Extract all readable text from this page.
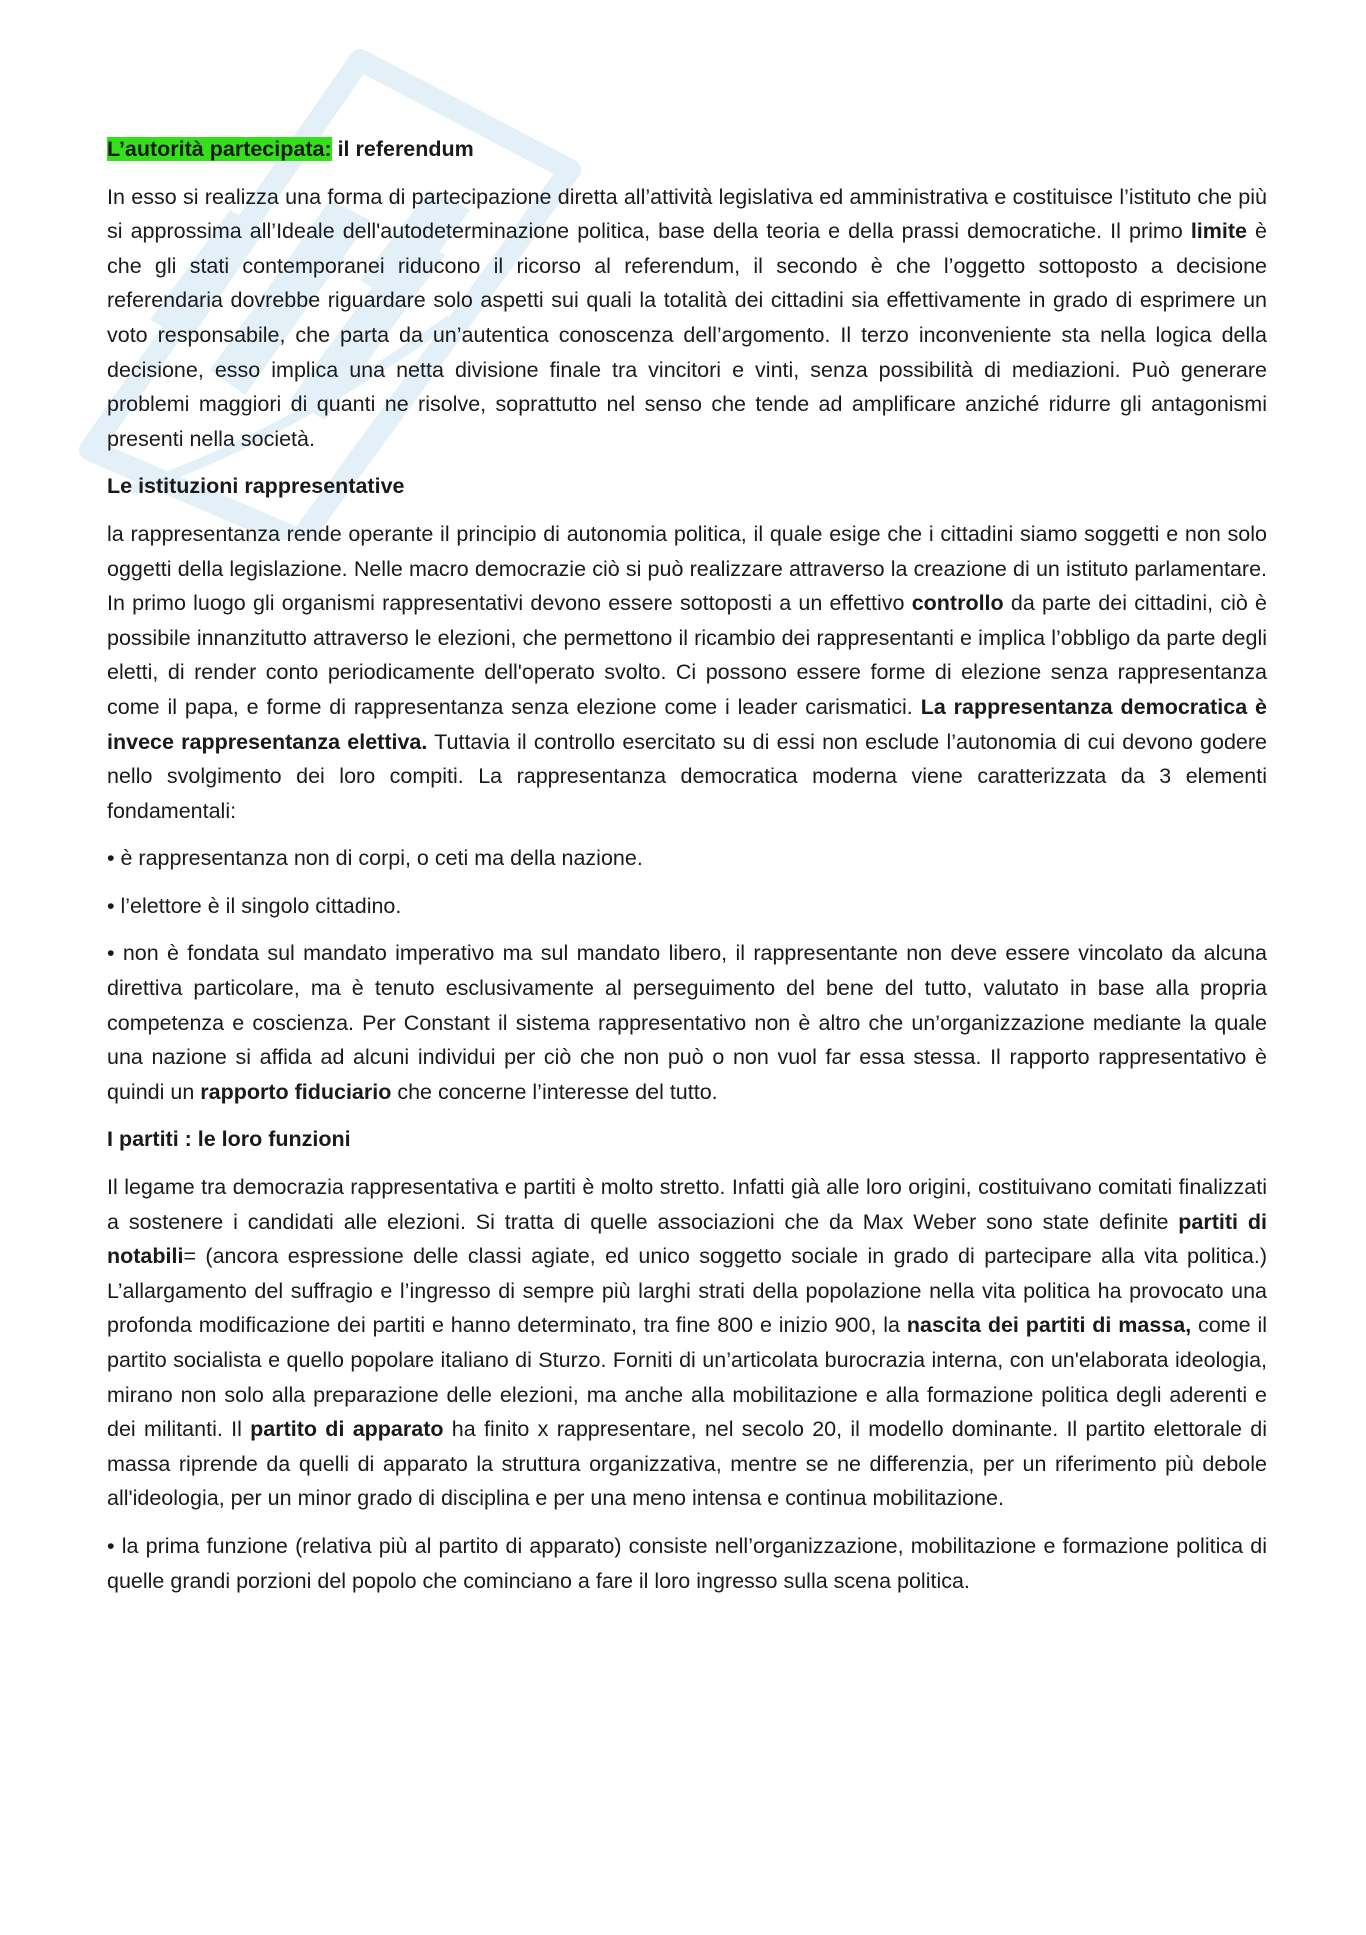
L’autorità partecipata: il referendum

In esso si realizza una forma di partecipazione diretta all’attività legislativa ed amministrativa e costituisce l’istituto che più si approssima all’Ideale dell'autodeterminazione politica, base della teoria e della prassi democratiche. Il primo limite è che gli stati contemporanei riducono il ricorso al referendum, il secondo è che l’oggetto sottoposto a decisione referendaria dovrebbe riguardare solo aspetti sui quali la totalità dei cittadini sia effettivamente in grado di esprimere un voto responsabile, che parta da un’autentica conoscenza dell’argomento. Il terzo inconveniente sta nella logica della decisione, esso implica una netta divisione finale tra vincitori e vinti, senza possibilità di mediazioni. Può generare problemi maggiori di quanti ne risolve, soprattutto nel senso che tende ad amplificare anziché ridurre gli antagonismi presenti nella società.

Le istituzioni rappresentative

la rappresentanza rende operante il principio di autonomia politica, il quale esige che i cittadini siamo soggetti e non solo oggetti della legislazione. Nelle macro democrazie ciò si può realizzare attraverso la creazione di un istituto parlamentare. In primo luogo gli organismi rappresentativi devono essere sottoposti a un effettivo controllo da parte dei cittadini, ciò è possibile innanzitutto attraverso le elezioni, che permettono il ricambio dei rappresentanti e implica l’obbligo da parte degli eletti, di render conto periodicamente dell'operato svolto. Ci possono essere forme di elezione senza rappresentanza come il papa, e forme di rappresentanza senza elezione come i leader carismatici. La rappresentanza democratica è invece rappresentanza elettiva. Tuttavia il controllo esercitato su di essi non esclude l’autonomia di cui devono godere nello svolgimento dei loro compiti. La rappresentanza democratica moderna viene caratterizzata da 3 elementi fondamentali:

• è rappresentanza non di corpi, o ceti ma della nazione.

• l’elettore è il singolo cittadino.

• non è fondata sul mandato imperativo ma sul mandato libero, il rappresentante non deve essere vincolato da alcuna direttiva particolare, ma è tenuto esclusivamente al perseguimento del bene del tutto, valutato in base alla propria competenza e coscienza. Per Constant il sistema rappresentativo non è altro che un’organizzazione mediante la quale una nazione si affida ad alcuni individui per ciò che non può o non vuol far essa stessa. Il rapporto rappresentativo è quindi un rapporto fiduciario che concerne l’interesse del tutto.

I partiti : le loro funzioni

Il legame tra democrazia rappresentativa e partiti è molto stretto. Infatti già alle loro origini, costituivano comitati finalizzati a sostenere i candidati alle elezioni. Si tratta di quelle associazioni che da Max Weber sono state definite partiti di notabili= (ancora espressione delle classi agiate, ed unico soggetto sociale in grado di partecipare alla vita politica.) L’allargamento del suffragio e l’ingresso di sempre più larghi strati della popolazione nella vita politica ha provocato una profonda modificazione dei partiti e hanno determinato, tra fine 800 e inizio 900, la nascita dei partiti di massa, come il partito socialista e quello popolare italiano di Sturzo. Forniti di un’articolata burocrazia interna, con un'elaborata ideologia, mirano non solo alla preparazione delle elezioni, ma anche alla mobilitazione e alla formazione politica degli aderenti e dei militanti. Il partito di apparato ha finito x rappresentare, nel secolo 20, il modello dominante. Il partito elettorale di massa riprende da quelli di apparato la struttura organizzativa, mentre se ne differenzia, per un riferimento più debole all'ideologia, per un minor grado di disciplina e per una meno intensa e continua mobilitazione.

• la prima funzione (relativa più al partito di apparato) consiste nell’organizzazione, mobilitazione e formazione politica di quelle grandi porzioni del popolo che cominciano a fare il loro ingresso sulla scena politica.
